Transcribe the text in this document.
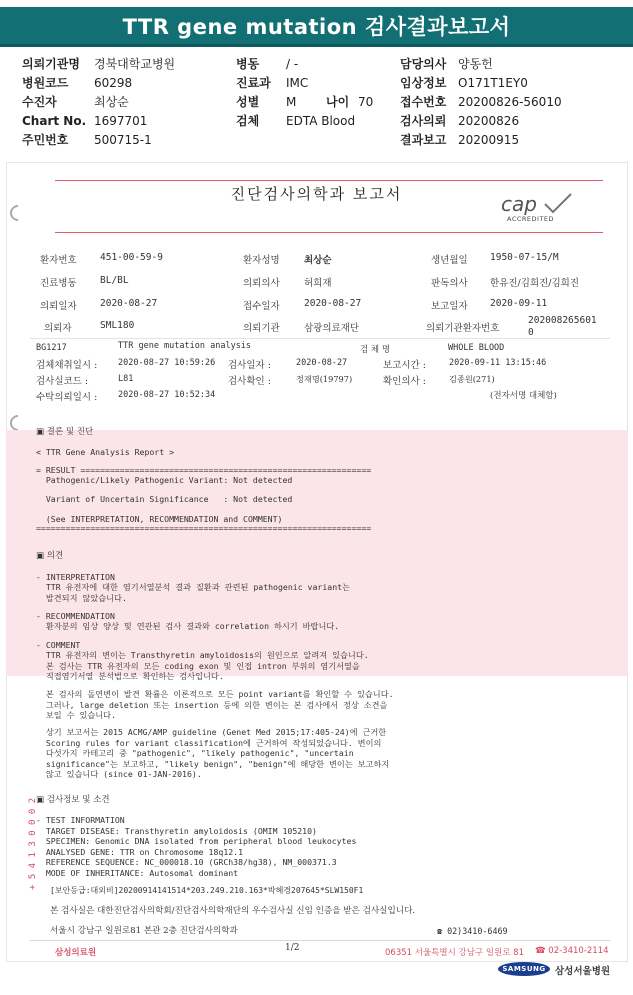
TTR gene mutation 검사결과보고서
의뢰기관명 경북대학교병원
병원코드 60298
수진자	최상순
Chart No. 1697701
주민번호 500715-1
병동 / -
진료과 IMC
성별 M 나이 70
검체 EDTA Blood
담당의사 양동헌
임상정보 O171T1EY0
접수번호 20200826-56010
검사의뢰 20200826
결과보고 20200915
진단검사의학과 보고서	cap
ACCREDITED
환자번호 451-00-59-9	환자성명	최상순	생년월일 1950-07-15/M
진료병동 BL/BL	의뢰의사	허희재	판독의사 한유진/김희진/김희진
의뢰일자 2020-08-27	접수일자	2020-08-27	보고일자 2020-09-11
의뢰자	SML180	의뢰기관	삼광의료재단	의뢰기관환자번호
202008265601
0
BG1217	TTR gene mutation analysis	검 체 명	WHOLE BLOOD
검체채취일시 : 2020-08-27 10:59:26 검사일자 :	2020-08-27	보고시간 :	2020-09-11 13:15:46
검사실코드 :	L81	검사확인 :	정재명(19797)	확인의사 :	김종원(271)
수탁의뢰일시 : 2020-08-27 10:52:34	(전자서명 대체함)
▣ 결론 및 진단
< TTR Gene Analysis Report >
= RESULT ===========================================================
Pathogenic/Likely Pathogenic Variant: Not detected
Variant of Uncertain Significance   : Not detected
(See INTERPRETATION, RECOMMENDATION and COMMENT)
====================================================================
▣ 의견
- INTERPRETATION
TTR 유전자에 대한 염기서열분석 결과 질환과 관련된 pathogenic variant는
발견되지 않았습니다.
- RECOMMENDATION
환자분의 임상 양상 및 연관된 검사 결과와 correlation 하시기 바랍니다.
- COMMENT
TTR 유전자의 변이는 Transthyretin amyloidosis의 원인으로 알려져 있습니다.
본 검사는 TTR 유전자의 모든 coding exon 및 인접 intron 부위의 염기서열을
직접염기서열 분석법으로 확인하는 검사입니다.
본 검사의 돌연변이 발견 확률은 이론적으로 모든 point variant를 확인할 수 있습니다.
그러나, large deletion 또는 insertion 등에 의한 변이는 본 검사에서 정상 소견을
보일 수 있습니다.
상기 보고서는 2015 ACMG/AMP guideline (Genet Med 2015;17:405-24)에 근거한
Scoring rules for variant classification에 근거하여 작성되었습니다. 변이의
다섯가지 카테고리 중 "pathogenic", "likely pathogenic", "uncertain
significance"는 보고하고, "likely benign", "benign"에 해당한 변이는 보고하지
않고 있습니다 (since 01-JAN-2016).
▣ 검사정보 및 소견
- TEST INFORMATION
TARGET DISEASE: Transthyretin amyloidosis (OMIM 105210)
SPECIMEN: Genomic DNA isolated from peripheral blood leukocytes
ANALYSED GENE: TTR on Chromosome 18q12.1
REFERENCE SEQUENCE: NC_000018.10 (GRCh38/hg38), NM_000371.3
MODE OF INHERITANCE: Autosomal dominant
+ 5 4 1 3 0 0 0 2
[보안등급:대외비]20200914141514*203.249.210.163*박혜경207645*SLW150F1
본 검사실은 대한진단검사의학회/진단검사의학재단의 우수검사실 신임 인증을 받은 검사실입니다.
서울시 강남구 일원로81 본관 2층 진단검사의학과	☎ 02)3410-6469
1/2
삼성의료원	06351 서울특별시 강남구 일원로 81 ☎ 02-3410-2114
SAMSUNG 삼성서울병원
